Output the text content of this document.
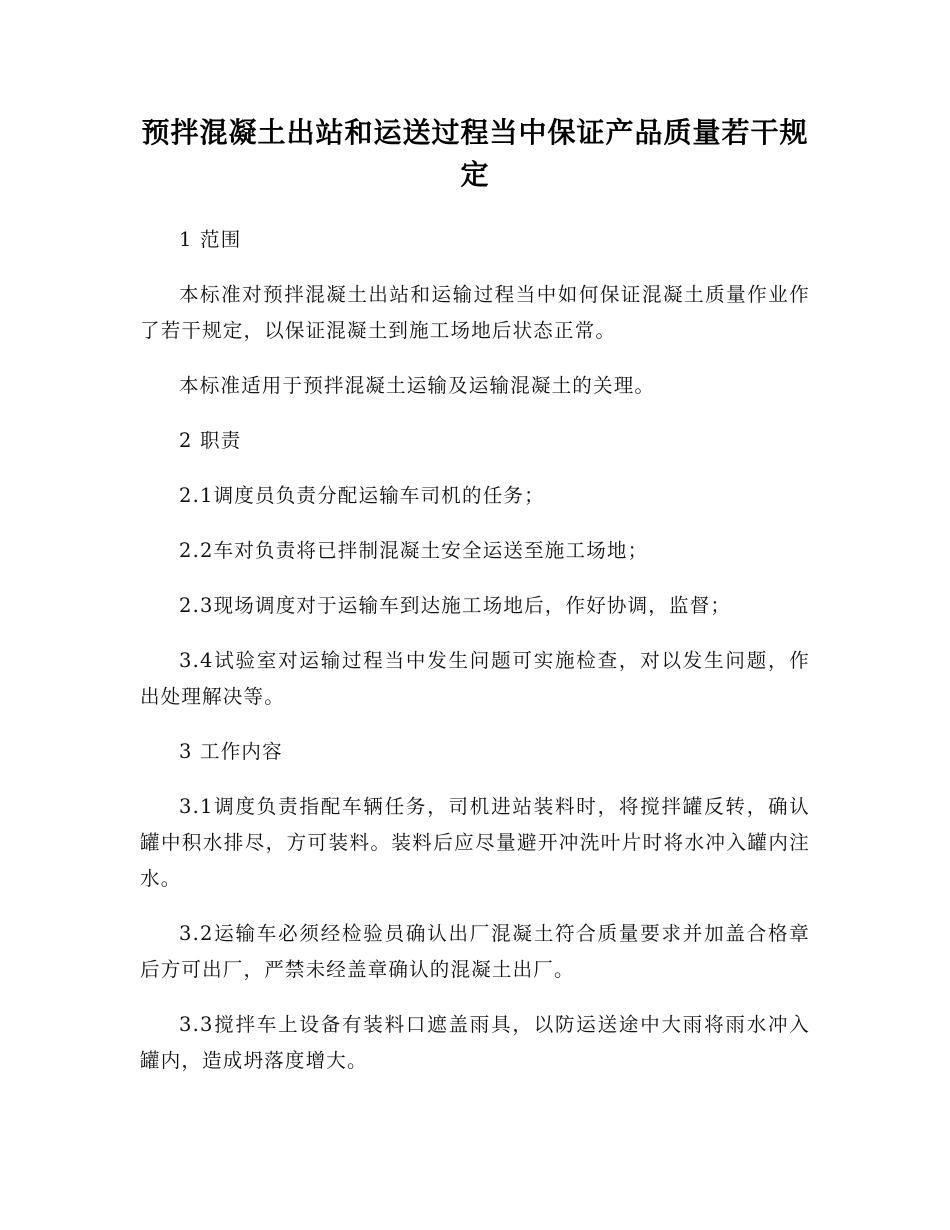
预拌混凝土出站和运送过程当中保证产品质量若干规定

1 范围

本标准对预拌混凝土出站和运输过程当中如何保证混凝土质量作业作了若干规定，以保证混凝土到施工场地后状态正常。

本标准适用于预拌混凝土运输及运输混凝土的关理。

2 职责

2.1调度员负责分配运输车司机的任务；

2.2车对负责将已拌制混凝土安全运送至施工场地；

2.3现场调度对于运输车到达施工场地后，作好协调，监督；

3.4试验室对运输过程当中发生问题可实施检查，对以发生问题，作出处理解决等。

3 工作内容

3.1调度负责指配车辆任务，司机进站装料时，将搅拌罐反转，确认罐中积水排尽，方可装料。装料后应尽量避开冲洗叶片时将水冲入罐内注水。

3.2运输车必须经检验员确认出厂混凝土符合质量要求并加盖合格章后方可出厂，严禁未经盖章确认的混凝土出厂。

3.3搅拌车上设备有装料口遮盖雨具，以防运送途中大雨将雨水冲入罐内，造成坍落度增大。
